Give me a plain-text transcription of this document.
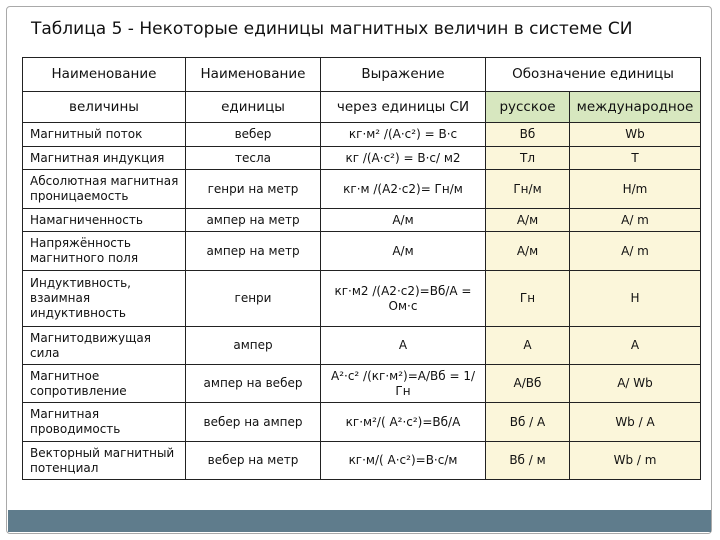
Таблица 5 - Некоторые единицы магнитных величин в системе СИ
Наименование	Наименование	Выражение	Обозначение единицы	
величины	единицы	через единицы СИ	русское	международное
Магнитный поток	вебер	кг·м² /(А·с²) = В·с	Вб	Wb
Магнитная индукция	тесла	кг /(А·с²) = В·с/ м2	Тл	T
Абсолютная магнитная проницаемость	генри на метр	кг·м /(А2·с2)= Гн/м	Гн/м	H/m
Намагниченность	ампер на метр	А/м	А/м	A/ m
Напряжённость магнитного поля	ампер на метр	А/м	А/м	A/ m
Индуктивность, взаимная индуктивность	генри	кг·м2 /(А2·с2)=Вб/А = Ом·с	Гн	H
Магнитодвижущая сила	ампер	А	А	A
Магнитное сопротивление	ампер на вебер	А²·с² /(кг·м²)=А/Вб = 1/Гн	А/Вб	A/ Wb
Магнитная проводимость	вебер на ампер	кг·м²/( А²·с²)=Вб/А	Вб / А	Wb / A
Векторный магнитный потенциал	вебер на метр	кг·м/( А·с²)=В·с/м	Вб / м	Wb / m
